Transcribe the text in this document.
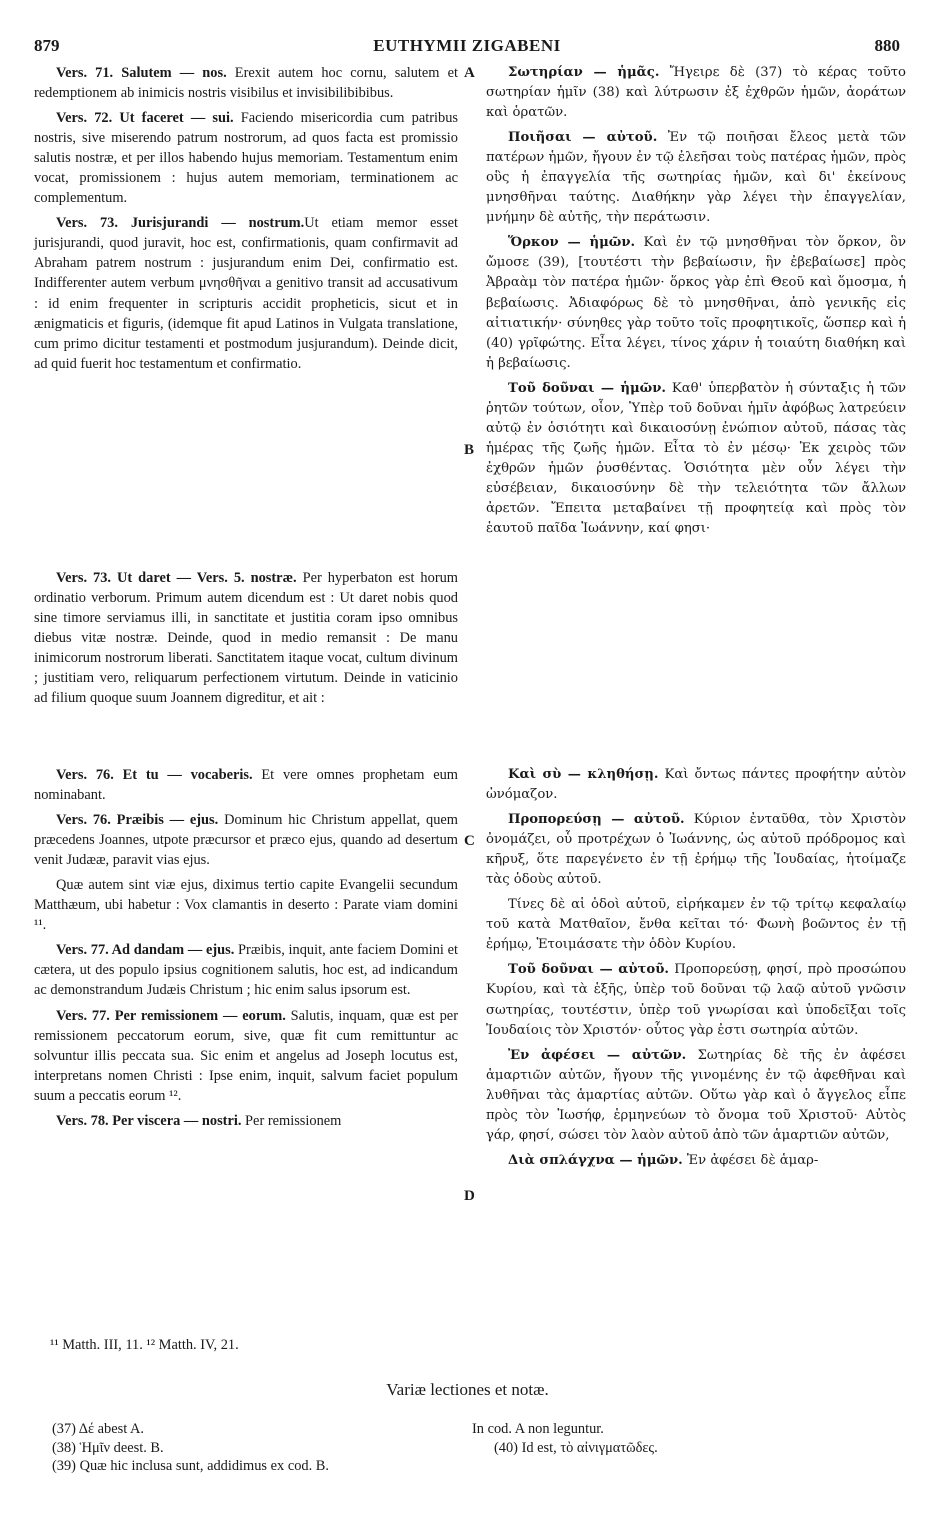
879	EUTHYMII ZIGABENI	880
A
B
C
D

Vers. 71. Salutem — nos. Erexit autem hoc cornu, salutem et redemptionem ab inimicis nostris visibilus et invisibilibibibus.

Vers. 72. Ut faceret — sui. Faciendo misericordia cum patribus nostris, sive miserendo patrum nostrorum, ad quos facta est promissio salutis nostræ, et per illos habendo hujus memoriam. Testamentum enim vocat, promissionem : hujus autem memoriam, terminationem ac complementum.

Vers. 73. Jurisjurandi — nostrum.Ut etiam memor esset jurisjurandi, quod juravit, hoc est, confirmationis, quam confirmavit ad Abraham patrem nostrum : jusjurandum enim Dei, confirmatio est. Indifferenter autem verbum μνησθῆναι a genitivo transit ad accusativum : id enim frequenter in scripturis accidit propheticis, sicut et in ænigmaticis et figuris, (idemque fit apud Latinos in Vulgata translatione, cum primo dicitur testamenti et postmodum jusjurandum). Deinde dicit, ad quid fuerit hoc testamentum et confirmatio.

Σωτηρίαν — ἡμᾶς. Ἤγειρε δὲ (37) τὸ κέρας τοῦτο σωτηρίαν ἡμῖν (38) καὶ λύτρωσιν ἐξ ἐχθρῶν ἡμῶν, ἀοράτων καὶ ὁρατῶν.

Ποιῆσαι — αὐτοῦ. Ἐν τῷ ποιῆσαι ἔλεος μετὰ τῶν πατέρων ἡμῶν, ἤγουν ἐν τῷ ἐλεῆσαι τοὺς πατέρας ἡμῶν, πρὸς οὓς ἡ ἐπαγγελία τῆς σωτηρίας ἡμῶν, καὶ δι' ἐκείνους μνησθῆναι ταύτης. Διαθήκην γὰρ λέγει τὴν ἐπαγγελίαν, μνήμην δὲ αὐτῆς, τὴν περάτωσιν.

Ὅρκον — ἡμῶν. Καὶ ἐν τῷ μνησθῆναι τὸν ὅρκον, ὃν ὤμοσε (39), [τουτέστι τὴν βεβαίωσιν, ἣν ἐβεβαίωσε] πρὸς Ἀβραὰμ τὸν πατέρα ἡμῶν· ὅρκος γὰρ ἐπὶ Θεοῦ καὶ ὅμοσμα, ἡ βεβαίωσις. Ἀδιαφόρως δὲ τὸ μνησθῆναι, ἀπὸ γενικῆς εἰς αἰτιατικήν· σύνηθες γὰρ τοῦτο τοῖς προφητικοῖς, ὥσπερ καὶ ἡ (40) γρῖφώτης. Εἶτα λέγει, τίνος χάριν ἡ τοιαύτη διαθήκη καὶ ἡ βεβαίωσις.

Τοῦ δοῦναι — ἡμῶν. Καθ' ὑπερβατὸν ἡ σύνταξις ἡ τῶν ῥητῶν τούτων, οἷον, Ὑπὲρ τοῦ δοῦναι ἡμῖν ἀφόβως λατρεύειν αὐτῷ ἐν ὁσιότητι καὶ δικαιοσύνῃ ἐνώπιον αὐτοῦ, πάσας τὰς ἡμέρας τῆς ζωῆς ἡμῶν. Εἶτα τὸ ἐν μέσῳ· Ἐκ χειρὸς τῶν ἐχθρῶν ἡμῶν ῥυσθέντας. Ὁσιότητα μὲν οὖν λέγει τὴν εὐσέβειαν, δικαιοσύνην δὲ τὴν τελειότητα τῶν ἄλλων ἀρετῶν. Ἔπειτα μεταβαίνει τῇ προφητείᾳ καὶ πρὸς τὸν ἑαυτοῦ παῖδα Ἰωάννην, καί φησι·

Vers. 73. Ut daret — Vers. 5. nostræ. Per hyperbaton est horum ordinatio verborum. Primum autem dicendum est : Ut daret nobis quod sine timore serviamus illi, in sanctitate et justitia coram ipso omnibus diebus vitæ nostræ. Deinde, quod in medio remansit : De manu inimicorum nostrorum liberati. Sanctitatem itaque vocat, cultum divinum ; justitiam vero, reliquarum perfectionem virtutum. Deinde in vaticinio ad filium quoque suum Joannem digreditur, et ait :

Vers. 76. Et tu — vocaberis. Et vere omnes prophetam eum nominabant.

Vers. 76. Præibis — ejus. Dominum hic Christum appellat, quem præcedens Joannes, utpote præcursor et præco ejus, quando ad desertum venit Judææ, paravit vias ejus.

Quæ autem sint viæ ejus, diximus tertio capite Evangelii secundum Matthæum, ubi habetur : Vox clamantis in deserto : Parate viam domini ¹¹.

Vers. 77. Ad dandam — ejus. Præibis, inquit, ante faciem Domini et cætera, ut des populo ipsius cognitionem salutis, hoc est, ad indicandum ac demonstrandum Judæis Christum ; hic enim salus ipsorum est.

Vers. 77. Per remissionem — eorum. Salutis, inquam, quæ est per remissionem peccatorum eorum, sive, quæ fit cum remittuntur ac solvuntur illis peccata sua. Sic enim et angelus ad Joseph locutus est, interpretans nomen Christi : Ipse enim, inquit, salvum faciet populum suum a peccatis eorum ¹².

Vers. 78. Per viscera — nostri. Per remissionem

Καὶ σὺ — κληθήσῃ. Καὶ ὄντως πάντες προφήτην αὐτὸν ὠνόμαζον.

Προπορεύσῃ — αὐτοῦ. Κύριον ἐνταῦθα, τὸν Χριστὸν ὀνομάζει, οὗ προτρέχων ὁ Ἰωάννης, ὡς αὐτοῦ πρόδρομος καὶ κῆρυξ, ὅτε παρεγένετο ἐν τῇ ἐρήμῳ τῆς Ἰουδαίας, ἡτοίμαζε τὰς ὁδοὺς αὐτοῦ.

Τίνες δὲ αἱ ὁδοὶ αὐτοῦ, εἰρήκαμεν ἐν τῷ τρίτῳ κεφαλαίῳ τοῦ κατὰ Ματθαῖον, ἔνθα κεῖται τό· Φωνὴ βοῶντος ἐν τῇ ἐρήμῳ, Ἑτοιμάσατε τὴν ὁδὸν Κυρίου.

Τοῦ δοῦναι — αὐτοῦ. Προπορεύσῃ, φησί, πρὸ προσώπου Κυρίου, καὶ τὰ ἑξῆς, ὑπὲρ τοῦ δοῦναι τῷ λαῷ αὐτοῦ γνῶσιν σωτηρίας, τουτέστιν, ὑπὲρ τοῦ γνωρίσαι καὶ ὑποδεῖξαι τοῖς Ἰουδαίοις τὸν Χριστόν· οὗτος γὰρ ἐστι σωτηρία αὐτῶν.

Ἐν ἀφέσει — αὐτῶν. Σωτηρίας δὲ τῆς ἐν ἀφέσει ἁμαρτιῶν αὐτῶν, ἤγουν τῆς γινομένης ἐν τῷ ἀφεθῆναι καὶ λυθῆναι τὰς ἁμαρτίας αὐτῶν. Οὕτω γὰρ καὶ ὁ ἄγγελος εἶπε πρὸς τὸν Ἰωσήφ, ἑρμηνεύων τὸ ὄνομα τοῦ Χριστοῦ· Αὐτὸς γάρ, φησί, σώσει τὸν λαὸν αὐτοῦ ἀπὸ τῶν ἁμαρτιῶν αὐτῶν,

Διὰ σπλάγχνα — ἡμῶν. Ἐν ἀφέσει δὲ ἁμαρ-

¹¹ Matth. III, 11. ¹² Matth. IV, 21.
Variæ lectiones et notæ.
(37) Δέ abest A.
(38) Ἡμῖν deest. B.
(39) Quæ hic inclusa sunt, addidimus ex cod. B.
In cod. A non leguntur.
(40) Id est, τὸ αἰνιγματῶδες.
